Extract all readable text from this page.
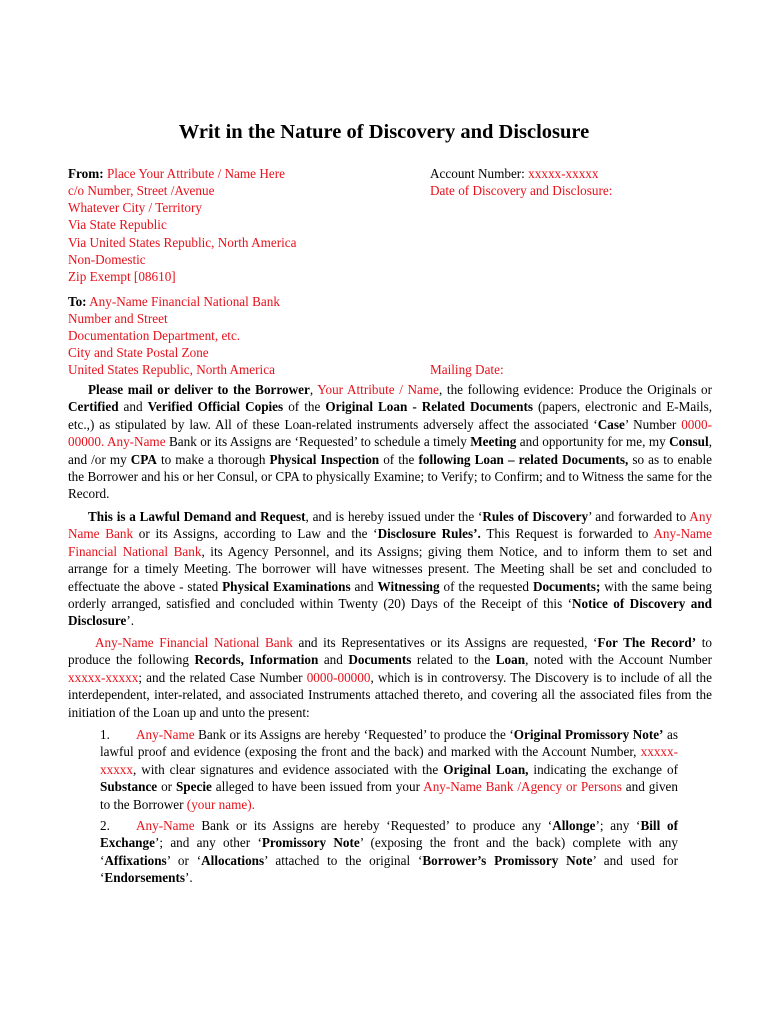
Writ in the Nature of Discovery and Disclosure
From: Place Your Attribute / Name Here
c/o Number, Street /Avenue
Whatever City / Territory
Via State Republic
Via United States Republic, North America
Non-Domestic
Zip Exempt [08610]
Account Number: xxxxx-xxxxx
Date of Discovery and Disclosure:
To: Any-Name Financial National Bank
Number and Street
Documentation Department, etc.
City and State Postal Zone
United States Republic, North America	Mailing Date:
Please mail or deliver to the Borrower, Your Attribute / Name, the following evidence: Produce the Originals or Certified and Verified Official Copies of the Original Loan - Related Documents (papers, electronic and E-Mails, etc.,) as stipulated by law. All of these Loan-related instruments adversely affect the associated ‘Case’ Number 0000-00000. Any-Name Bank or its Assigns are ‘Requested’ to schedule a timely Meeting and opportunity for me, my Consul, and /or my CPA to make a thorough Physical Inspection of the following Loan – related Documents, so as to enable the Borrower and his or her Consul, or CPA to physically Examine; to Verify; to Confirm; and to Witness the same for the Record.
This is a Lawful Demand and Request, and is hereby issued under the ‘Rules of Discovery’ and forwarded to Any Name Bank or its Assigns, according to Law and the ‘Disclosure Rules’. This Request is forwarded to Any-Name Financial National Bank, its Agency Personnel, and its Assigns; giving them Notice, and to inform them to set and arrange for a timely Meeting. The borrower will have witnesses present. The Meeting shall be set and concluded to effectuate the above - stated Physical Examinations and Witnessing of the requested Documents; with the same being orderly arranged, satisfied and concluded within Twenty (20) Days of the Receipt of this ‘Notice of Discovery and Disclosure’.
Any-Name Financial National Bank and its Representatives or its Assigns are requested, ‘For The Record’ to produce the following Records, Information and Documents related to the Loan, noted with the Account Number xxxxx-xxxxx; and the related Case Number 0000-00000, which is in controversy. The Discovery is to include of all the interdependent, inter-related, and associated Instruments attached thereto, and covering all the associated files from the initiation of the Loan up and unto the present:
1. Any-Name Bank or its Assigns are hereby ‘Requested’ to produce the ‘Original Promissory Note’ as lawful proof and evidence (exposing the front and the back) and marked with the Account Number, xxxxx-xxxxx, with clear signatures and evidence associated with the Original Loan, indicating the exchange of Substance or Specie alleged to have been issued from your Any-Name Bank /Agency or Persons and given to the Borrower (your name).
2. Any-Name Bank or its Assigns are hereby ‘Requested’ to produce any ‘Allonge’; any ‘Bill of Exchange’; and any other ‘Promissory Note’ (exposing the front and the back) complete with any ‘Affixations’ or ‘Allocations’ attached to the original ‘Borrower’s Promissory Note’ and used for ‘Endorsements’.
